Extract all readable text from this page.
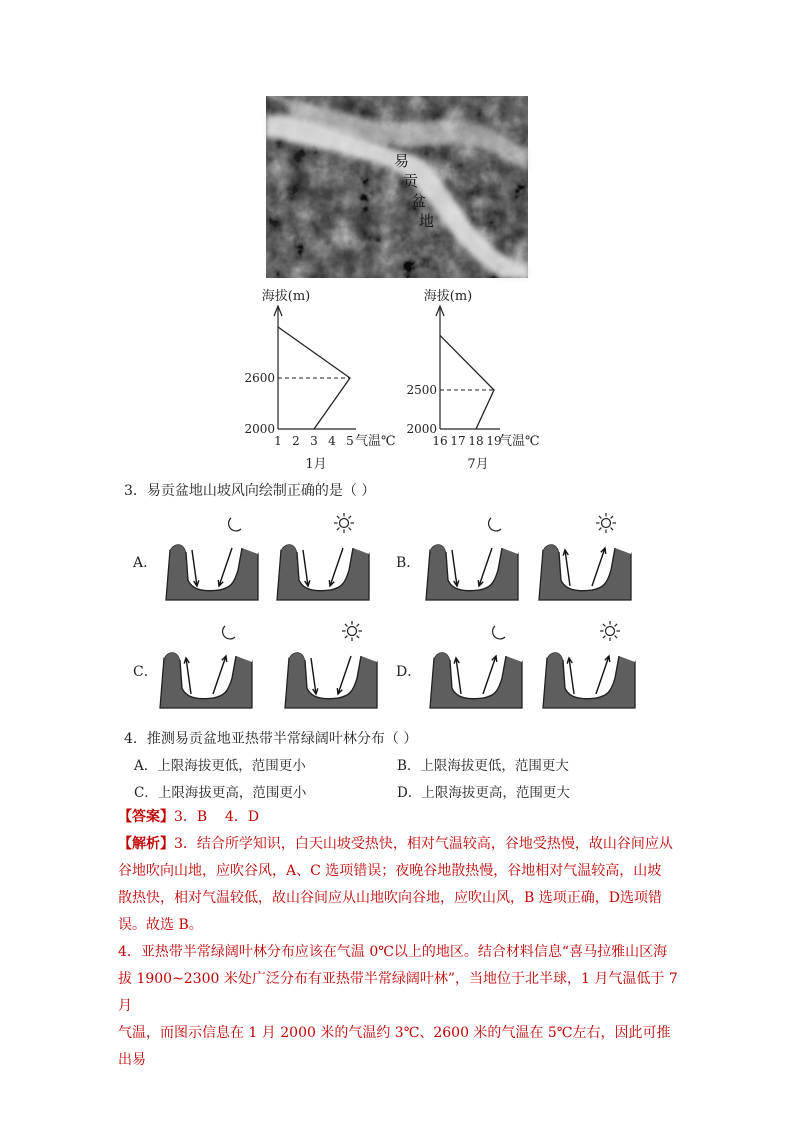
易
贡
盆
地
海拔(m)
2000
2600
1 2 3 4 5 气温℃
1月
海拔(m)
2000
2500
16 17 18 19
气温℃
7月
3．易贡盆地山坡风向绘制正确的是（ ）
A．	B．
C．	D．
4．推测易贡盆地亚热带半常绿阔叶林分布（ ）
A．上限海拔更低，范围更小	B．上限海拔更低，范围更大
C．上限海拔更高，范围更小	D．上限海拔更高，范围更大
【答案】3．B    4．D
【解析】3．结合所学知识，白天山坡受热快，相对气温较高，谷地受热慢，故山谷间应从
谷地吹向山地，应吹谷风，A、C 选项错误；夜晚谷地散热慢，谷地相对气温较高，山坡
散热快，相对气温较低，故山谷间应从山地吹向谷地，应吹山风，B 选项正确，D选项错
误。故选 B。
4．亚热带半常绿阔叶林分布应该在气温 0℃以上的地区。结合材料信息“喜马拉雅山区海
拔 1900~2300 米处广泛分布有亚热带半常绿阔叶林”，当地位于北半球，1 月气温低于 7 月
气温，而图示信息在 1 月 2000 米的气温约 3℃、2600 米的气温在 5℃左右，因此可推出易
